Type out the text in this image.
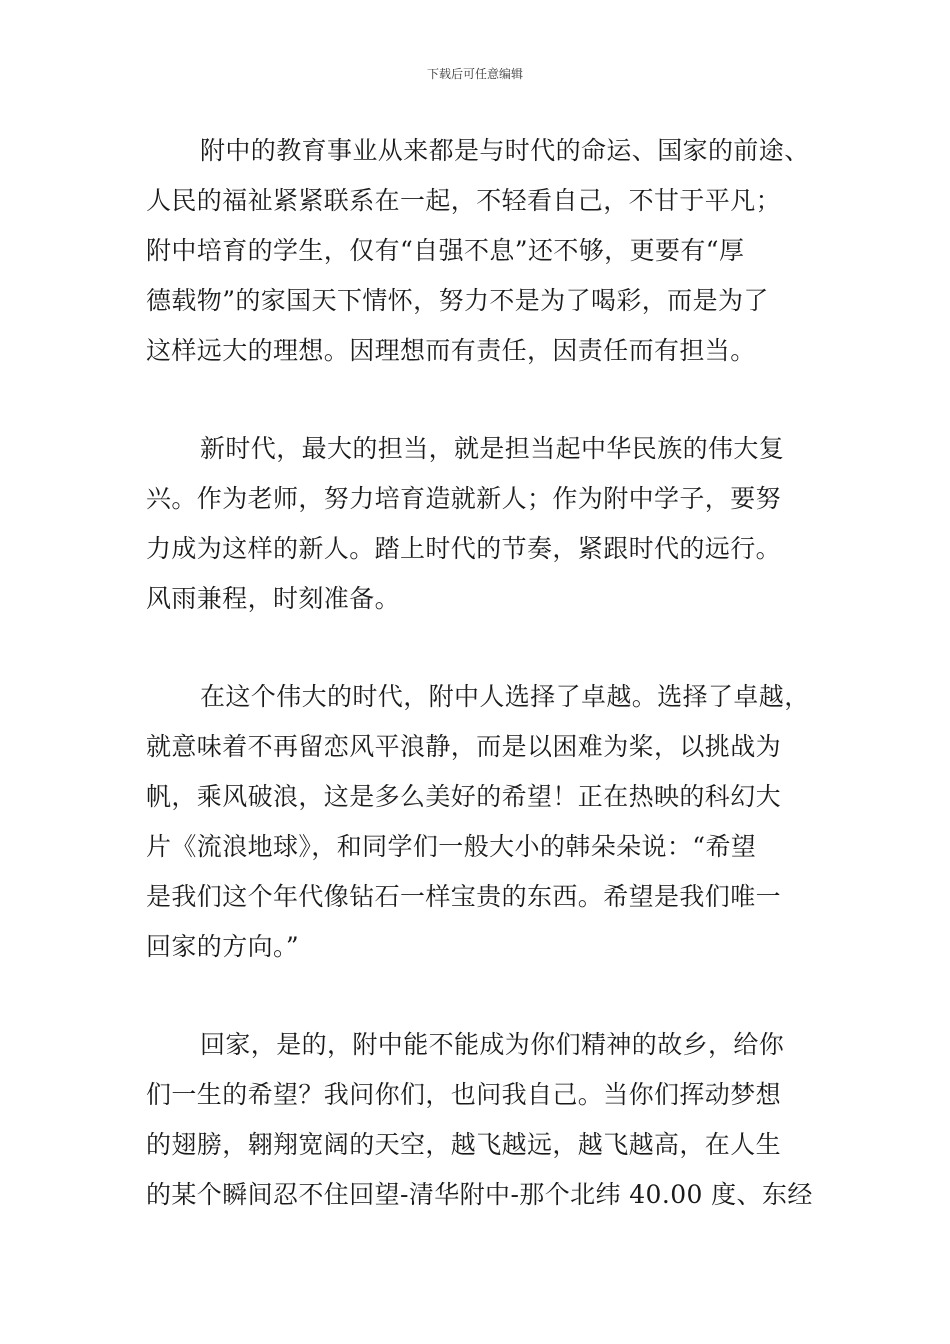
下载后可任意编辑
附中的教育事业从来都是与时代的命运、国家的前途、
人民的福祉紧紧联系在一起，不轻看自己，不甘于平凡；
附中培育的学生，仅有“自强不息”还不够，更要有“厚
德载物”的家国天下情怀，努力不是为了喝彩，而是为了
这样远大的理想。因理想而有责任，因责任而有担当。
新时代，最大的担当，就是担当起中华民族的伟大复
兴。作为老师，努力培育造就新人；作为附中学子，要努
力成为这样的新人。踏上时代的节奏，紧跟时代的远行。
风雨兼程，时刻准备。
在这个伟大的时代，附中人选择了卓越。选择了卓越，
就意味着不再留恋风平浪静，而是以困难为桨，以挑战为
帆，乘风破浪，这是多么美好的希望！正在热映的科幻大
片《流浪地球》，和同学们一般大小的韩朵朵说：“希望
是我们这个年代像钻石一样宝贵的东西。希望是我们唯一
回家的方向。”
回家，是的，附中能不能成为你们精神的故乡，给你
们一生的希望？我问你们，也问我自己。当你们挥动梦想
的翅膀，翱翔宽阔的天空，越飞越远，越飞越高，在人生
的某个瞬间忍不住回望-清华附中-那个北纬 40.00 度、东经
